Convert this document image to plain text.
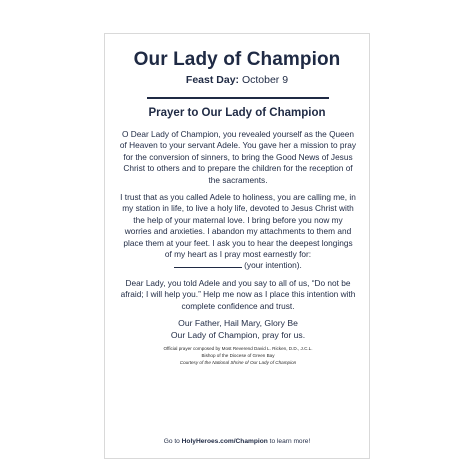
Our Lady of Champion
Feast Day: October 9
Prayer to Our Lady of Champion

O Dear Lady of Champion, you revealed yourself as the Queen of Heaven to your servant Adele. You gave her a mission to pray for the conversion of sinners, to bring the Good News of Jesus Christ to others and to prepare the children for the reception of the sacraments.

I trust that as you called Adele to holiness, you are calling me, in my station in life, to live a holy life, devoted to Jesus Christ with the help of your maternal love. I bring before you now my worries and anxieties. I abandon my attachments to them and place them at your feet. I ask you to hear the deepest longings of my heart as I pray most earnestly for:
(your intention).

Dear Lady, you told Adele and you say to all of us, “Do not be afraid; I will help you.” Help me now as I place this intention with complete confidence and trust.

Our Father, Hail Mary, Glory Be
Our Lady of Champion, pray for us.
Official prayer composed by Most Reverend David L. Ricken, D.D., J.C.L.
Bishop of the Diocese of Green Bay
Courtesy of the National Shrine of Our Lady of Champion
Go to HolyHeroes.com/Champion to learn more!
